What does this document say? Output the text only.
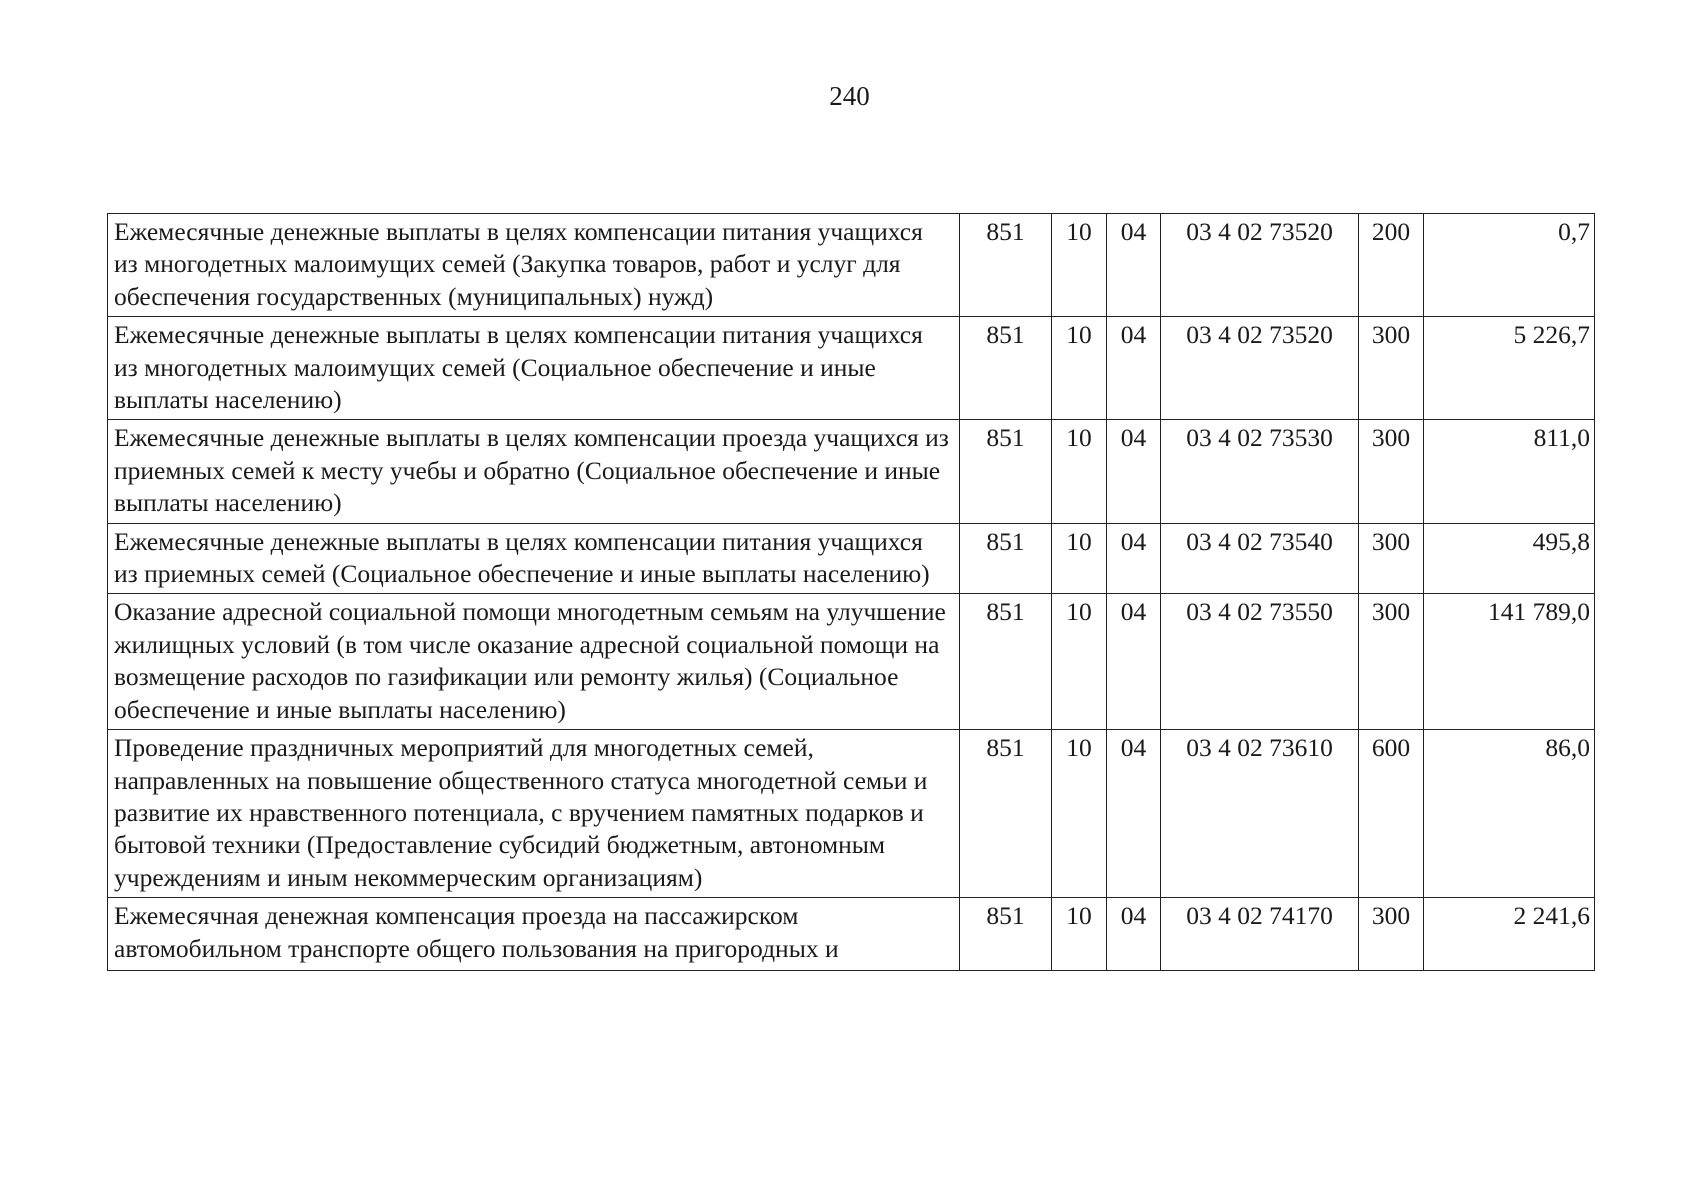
240
Ежемесячные денежные выплаты в целях компенсации питания учащихся из многодетных малоимущих семей (Закупка товаров, работ и услуг для обеспечения государственных (муниципальных) нужд)	851	10	04	03 4 02 73520	200	0,7
Ежемесячные денежные выплаты в целях компенсации питания учащихся из многодетных малоимущих семей (Социальное обеспечение и иные выплаты населению)	851	10	04	03 4 02 73520	300	5 226,7
Ежемесячные денежные выплаты в целях компенсации проезда учащихся из приемных семей к месту учебы и обратно (Социальное обеспечение и иные выплаты населению)	851	10	04	03 4 02 73530	300	811,0
Ежемесячные денежные выплаты в целях компенсации питания учащихся из приемных семей (Социальное обеспечение и иные выплаты населению)	851	10	04	03 4 02 73540	300	495,8
Оказание адресной социальной помощи многодетным семьям на улучшение жилищных условий (в том числе оказание адресной социальной помощи на возмещение расходов по газификации или ремонту жилья) (Социальное обеспечение и иные выплаты населению)	851	10	04	03 4 02 73550	300	141 789,0
Проведение праздничных мероприятий для многодетных семей, направленных на повышение общественного статуса многодетной семьи и развитие их нравственного потенциала, с вручением памятных подарков и бытовой техники (Предоставление субсидий бюджетным, автономным учреждениям и иным некоммерческим организациям)	851	10	04	03 4 02 73610	600	86,0
Ежемесячная денежная компенсация проезда на пассажирском автомобильном транспорте общего пользования на пригородных и	851	10	04	03 4 02 74170	300	2 241,6
